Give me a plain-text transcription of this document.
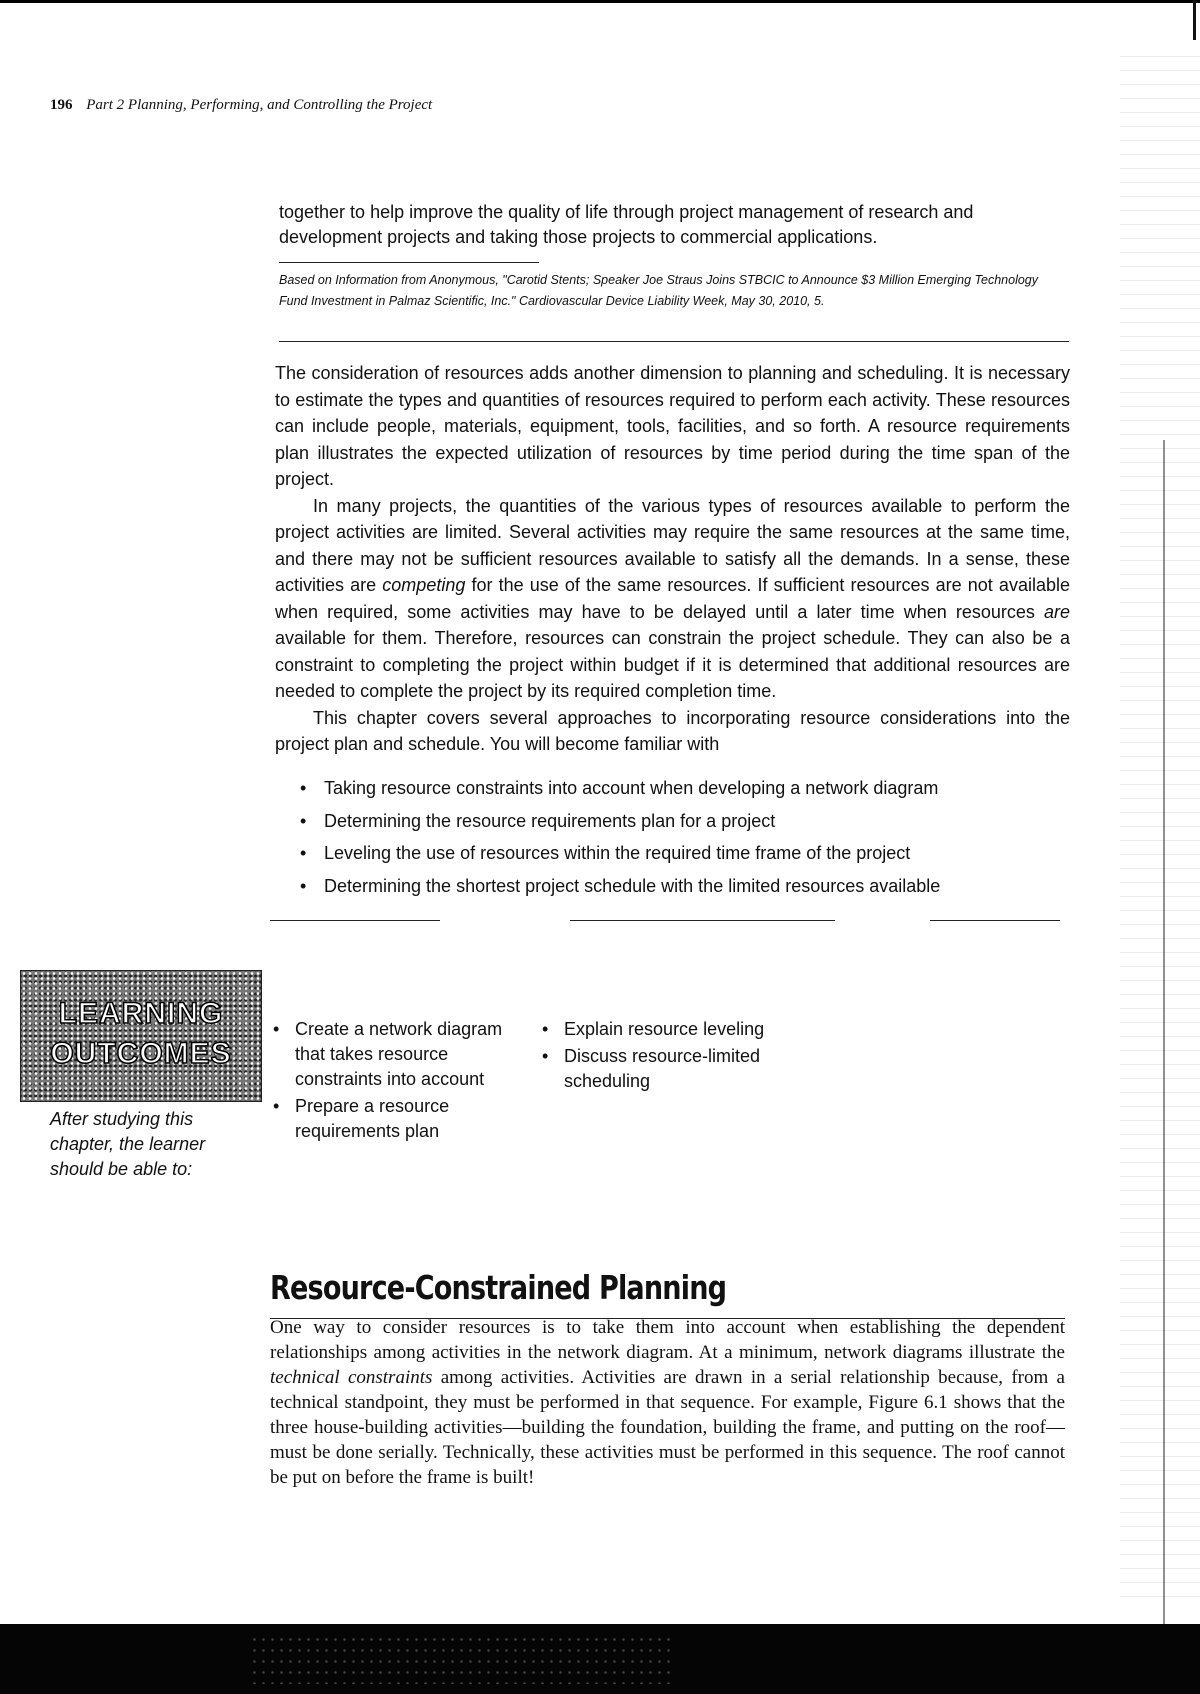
196 Part 2 Planning, Performing, and Controlling the Project
together to help improve the quality of life through project management of research and development projects and taking those projects to commercial applications.
Based on Information from Anonymous, "Carotid Stents; Speaker Joe Straus Joins STBCIC to Announce $3 Million Emerging Technology Fund Investment in Palmaz Scientific, Inc." Cardiovascular Device Liability Week, May 30, 2010, 5.

The consideration of resources adds another dimension to planning and scheduling. It is necessary to estimate the types and quantities of resources required to perform each activity. These resources can include people, materials, equipment, tools, facilities, and so forth. A resource requirements plan illustrates the expected utilization of resources by time period during the time span of the project.

In many projects, the quantities of the various types of resources available to perform the project activities are limited. Several activities may require the same resources at the same time, and there may not be sufficient resources available to satisfy all the demands. In a sense, these activities are competing for the use of the same resources. If sufficient resources are not available when required, some activities may have to be delayed until a later time when resources are available for them. Therefore, resources can constrain the project schedule. They can also be a constraint to completing the project within budget if it is determined that additional resources are needed to complete the project by its required completion time.

This chapter covers several approaches to incorporating resource considerations into the project plan and schedule. You will become familiar with

• Taking resource constraints into account when developing a network diagram
• Determining the resource requirements plan for a project
• Leveling the use of resources within the required time frame of the project
• Determining the shortest project schedule with the limited resources available
LEARNING
OUTCOMES
After studying this chapter, the learner should be able to:
• Create a network diagram that takes resource constraints into account
• Prepare a resource requirements plan
• Explain resource leveling
• Discuss resource-limited scheduling
Resource-Constrained Planning

One way to consider resources is to take them into account when establishing the dependent relationships among activities in the network diagram. At a minimum, network diagrams illustrate the technical constraints among activities. Activities are drawn in a serial relationship because, from a technical standpoint, they must be performed in that sequence. For example, Figure 6.1 shows that the three house-building activities—building the foundation, building the frame, and putting on the roof—must be done serially. Technically, these activities must be performed in this sequence. The roof cannot be put on before the frame is built!
